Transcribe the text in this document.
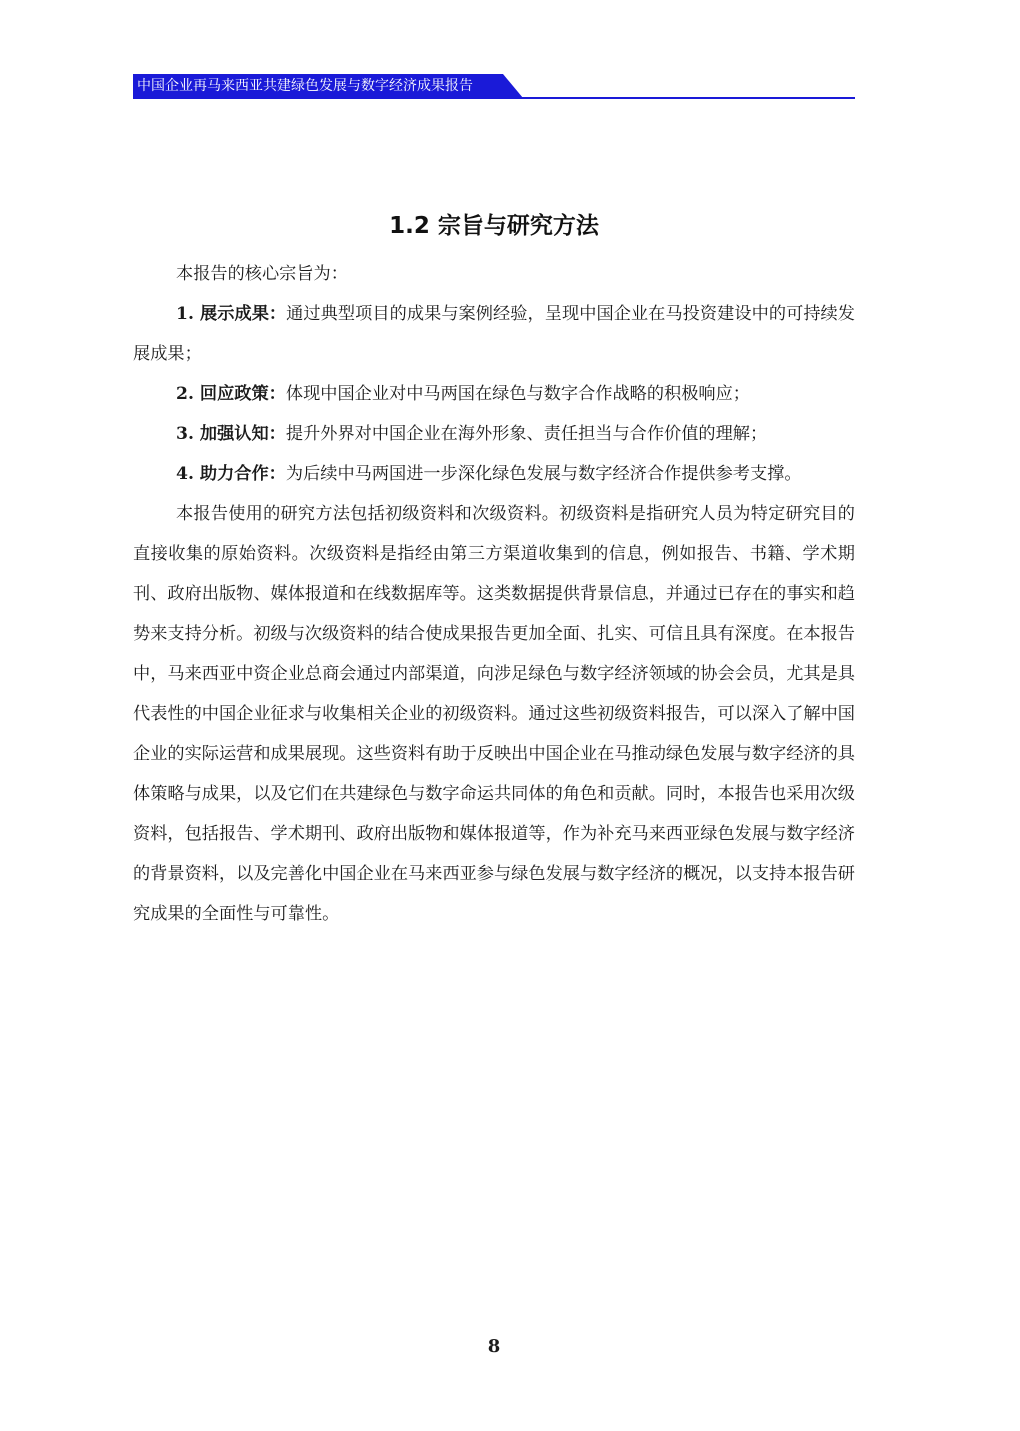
中国企业再马来西亚共建绿色发展与数字经济成果报告
1.2 宗旨与研究方法

本报告的核心宗旨为：

1. 展示成果：通过典型项目的成果与案例经验，呈现中国企业在马投资建设中的可持续发展成果；

2. 回应政策：体现中国企业对中马两国在绿色与数字合作战略的积极响应；

3. 加强认知：提升外界对中国企业在海外形象、责任担当与合作价值的理解；

4. 助力合作：为后续中马两国进一步深化绿色发展与数字经济合作提供参考支撑。

本报告使用的研究方法包括初级资料和次级资料。初级资料是指研究人员为特定研究目的直接收集的原始资料。次级资料是指经由第三方渠道收集到的信息，例如报告、书籍、学术期刊、政府出版物、媒体报道和在线数据库等。这类数据提供背景信息，并通过已存在的事实和趋势来支持分析。初级与次级资料的结合使成果报告更加全面、扎实、可信且具有深度。在本报告中，马来西亚中资企业总商会通过内部渠道，向涉足绿色与数字经济领域的协会会员，尤其是具代表性的中国企业征求与收集相关企业的初级资料。通过这些初级资料报告，可以深入了解中国企业的实际运营和成果展现。这些资料有助于反映出中国企业在马推动绿色发展与数字经济的具体策略与成果，以及它们在共建绿色与数字命运共同体的角色和贡献。同时，本报告也采用次级资料，包括报告、学术期刊、政府出版物和媒体报道等，作为补充马来西亚绿色发展与数字经济的背景资料，以及完善化中国企业在马来西亚参与绿色发展与数字经济的概况，以支持本报告研究成果的全面性与可靠性。

8
